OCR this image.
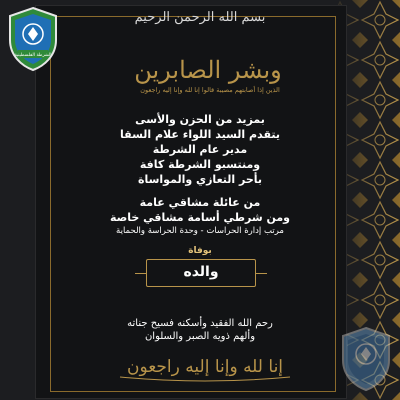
الشرطة الفلسطينية
بسم الله الرحمن الرحيم
وبشر الصابرين
الذين إذا أصابتهم مصيبة قالوا إنا لله وإنا إليه راجعون
بمزيد من الحزن والأسى
يتقدم السيد اللواء علام السقا
مدير عام الشرطة
ومنتسبو الشرطة كافة
بأحر التعازي والمواساة
من عائلة مشاقي عامة
ومن شرطي أسامة مشاقي خاصة
مرتب إدارة الحراسات - وحدة الحراسة والحماية
بوفاة
والده
رحم الله الفقيد وأسكنه فسيح جناته
وألهم ذويه الصبر والسلوان
إنا لله وإنا إليه راجعون
